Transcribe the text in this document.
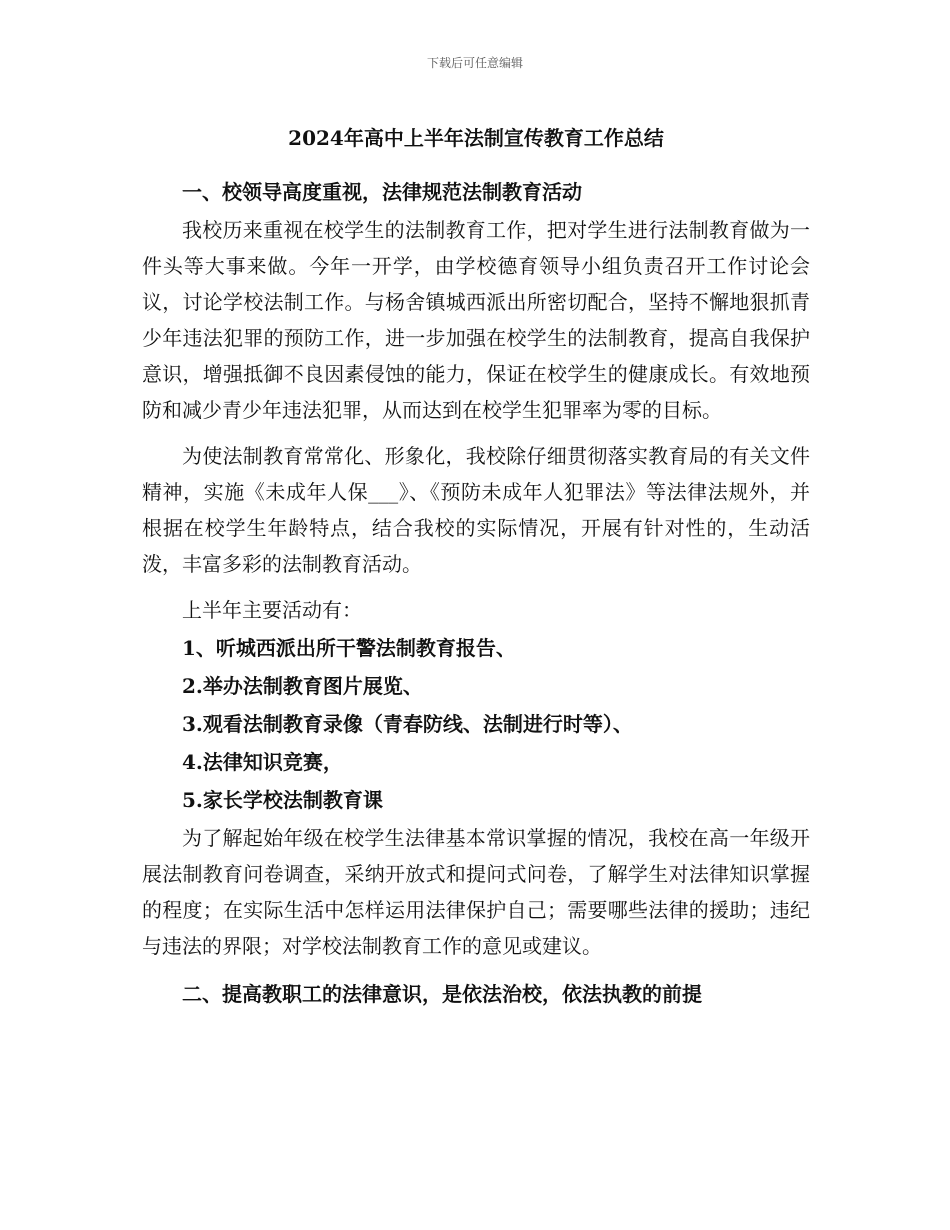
下载后可任意编辑
2024年高中上半年法制宣传教育工作总结

一、校领导高度重视，法律规范法制教育活动

我校历来重视在校学生的法制教育工作，把对学生进行法制教育做为一件头等大事来做。今年一开学，由学校德育领导小组负责召开工作讨论会议，讨论学校法制工作。与杨舍镇城西派出所密切配合，坚持不懈地狠抓青少年违法犯罪的预防工作，进一步加强在校学生的法制教育，提高自我保护意识，增强抵御不良因素侵蚀的能力，保证在校学生的健康成长。有效地预防和减少青少年违法犯罪，从而达到在校学生犯罪率为零的目标。

为使法制教育常常化、形象化，我校除仔细贯彻落实教育局的有关文件精神，实施《未成年人保___》、《预防未成年人犯罪法》等法律法规外，并根据在校学生年龄特点，结合我校的实际情况，开展有针对性的，生动活泼，丰富多彩的法制教育活动。

上半年主要活动有：

1、听城西派出所干警法制教育报告、

2.举办法制教育图片展览、

3.观看法制教育录像（青春防线、法制进行时等）、

4.法律知识竞赛，

5.家长学校法制教育课

为了解起始年级在校学生法律基本常识掌握的情况，我校在高一年级开展法制教育问卷调查，采纳开放式和提问式问卷，了解学生对法律知识掌握的程度；在实际生活中怎样运用法律保护自己；需要哪些法律的援助；违纪与违法的界限；对学校法制教育工作的意见或建议。

二、提高教职工的法律意识，是依法治校，依法执教的前提
